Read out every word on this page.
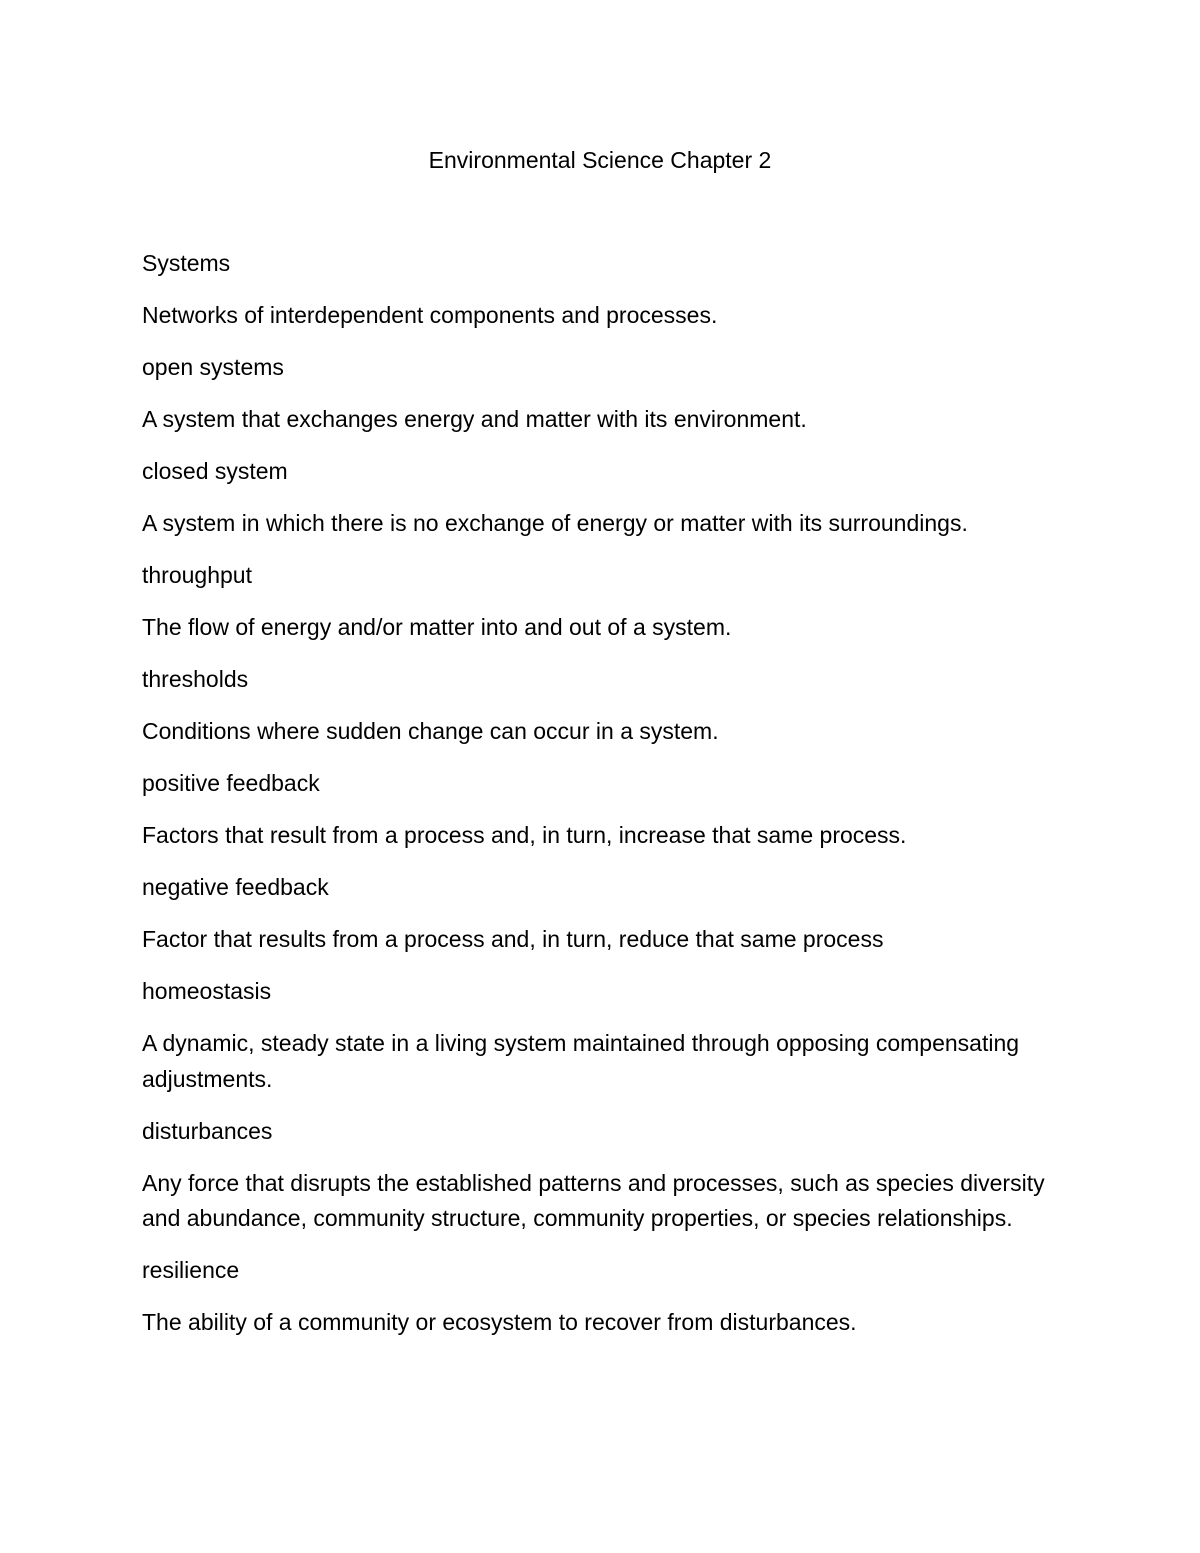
Environmental Science Chapter 2

Systems

Networks of interdependent components and processes.

open systems

A system that exchanges energy and matter with its environment.

closed system

A system in which there is no exchange of energy or matter with its surroundings.

throughput

The flow of energy and/or matter into and out of a system.

thresholds

Conditions where sudden change can occur in a system.

positive feedback

Factors that result from a process and, in turn, increase that same process.

negative feedback

Factor that results from a process and, in turn, reduce that same process

homeostasis

A dynamic, steady state in a living system maintained through opposing compensating adjustments.

disturbances

Any force that disrupts the established patterns and processes, such as species diversity and abundance, community structure, community properties, or species relationships.

resilience

The ability of a community or ecosystem to recover from disturbances.
